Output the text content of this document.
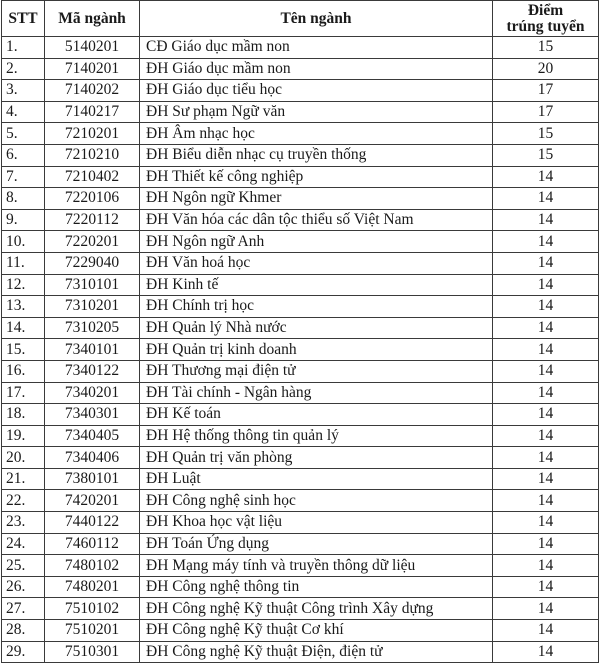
STT	Mã ngành	Tên ngành	Điểm
trúng tuyển

1.	5140201	CĐ Giáo dục mầm non	15
2.	7140201	ĐH Giáo dục mầm non	20
3.	7140202	ĐH Giáo dục tiểu học	17
4.	7140217	ĐH Sư phạm Ngữ văn	17
5.	7210201	ĐH Âm nhạc học	15
6.	7210210	ĐH Biểu diễn nhạc cụ truyền thống	15
7.	7210402	ĐH Thiết kế công nghiệp	14
8.	7220106	ĐH Ngôn ngữ Khmer	14
9.	7220112	ĐH Văn hóa các dân tộc thiểu số Việt Nam	14
10.	7220201	ĐH Ngôn ngữ Anh	14
11.	7229040	ĐH Văn hoá học	14
12.	7310101	ĐH Kinh tế	14
13.	7310201	ĐH Chính trị học	14
14.	7310205	ĐH Quản lý Nhà nước	14
15.	7340101	ĐH Quản trị kinh doanh	14
16.	7340122	ĐH Thương mại điện tử	14
17.	7340201	ĐH Tài chính - Ngân hàng	14
18.	7340301	ĐH Kế toán	14
19.	7340405	ĐH Hệ thống thông tin quản lý	14
20.	7340406	ĐH Quản trị văn phòng	14
21.	7380101	ĐH Luật	14
22.	7420201	ĐH Công nghệ sinh học	14
23.	7440122	ĐH Khoa học vật liệu	14
24.	7460112	ĐH Toán Ứng dụng	14
25.	7480102	ĐH Mạng máy tính và truyền thông dữ liệu	14
26.	7480201	ĐH Công nghệ thông tin	14
27.	7510102	ĐH Công nghệ Kỹ thuật Công trình Xây dựng	14
28.	7510201	ĐH Công nghệ Kỹ thuật Cơ khí	14
29.	7510301	ĐH Công nghệ Kỹ thuật Điện, điện tử	14
